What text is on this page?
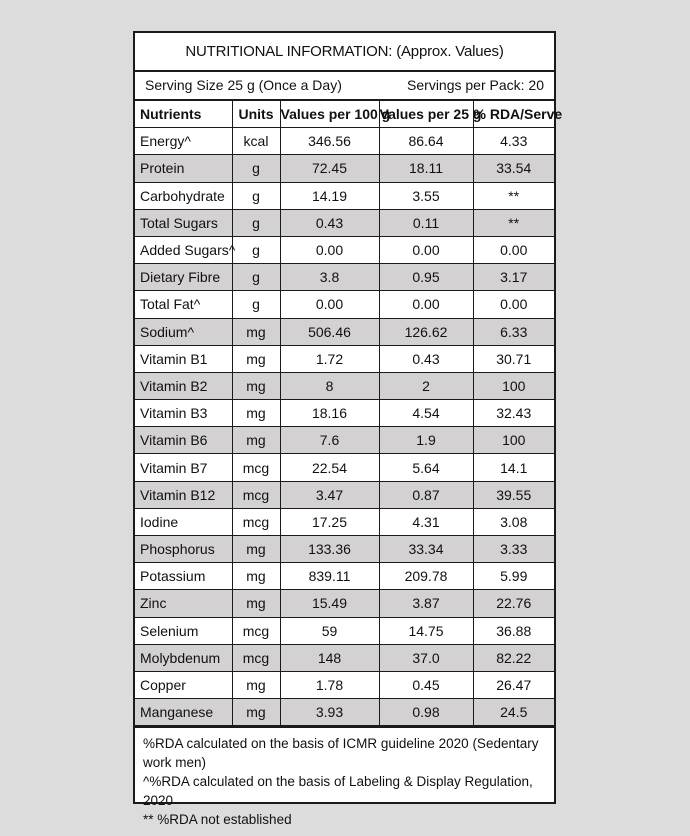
NUTRITIONAL INFORMATION: (Approx. Values)
Serving Size 25 g (Once a Day)	Servings per Pack: 20
Nutrients	Units	Values per 100 g	Values per 25 g	% RDA/Serve
Energy^	kcal	346.56	86.64	4.33
Protein	g	72.45	18.11	33.54
Carbohydrate	g	14.19	3.55	**
Total Sugars	g	0.43	0.11	**
Added Sugars^	g	0.00	0.00	0.00
Dietary Fibre	g	3.8	0.95	3.17
Total Fat^	g	0.00	0.00	0.00
Sodium^	mg	506.46	126.62	6.33
Vitamin B1	mg	1.72	0.43	30.71
Vitamin B2	mg	8	2	100
Vitamin B3	mg	18.16	4.54	32.43
Vitamin B6	mg	7.6	1.9	100
Vitamin B7	mcg	22.54	5.64	14.1
Vitamin B12	mcg	3.47	0.87	39.55
Iodine	mcg	17.25	4.31	3.08
Phosphorus	mg	133.36	33.34	3.33
Potassium	mg	839.11	209.78	5.99
Zinc	mg	15.49	3.87	22.76
Selenium	mcg	59	14.75	36.88
Molybdenum	mcg	148	37.0	82.22
Copper	mg	1.78	0.45	26.47
Manganese	mg	3.93	0.98	24.5
%RDA calculated on the basis of ICMR guideline 2020 (Sedentary work men)
^%RDA calculated on the basis of Labeling & Display Regulation, 2020
** %RDA not established
